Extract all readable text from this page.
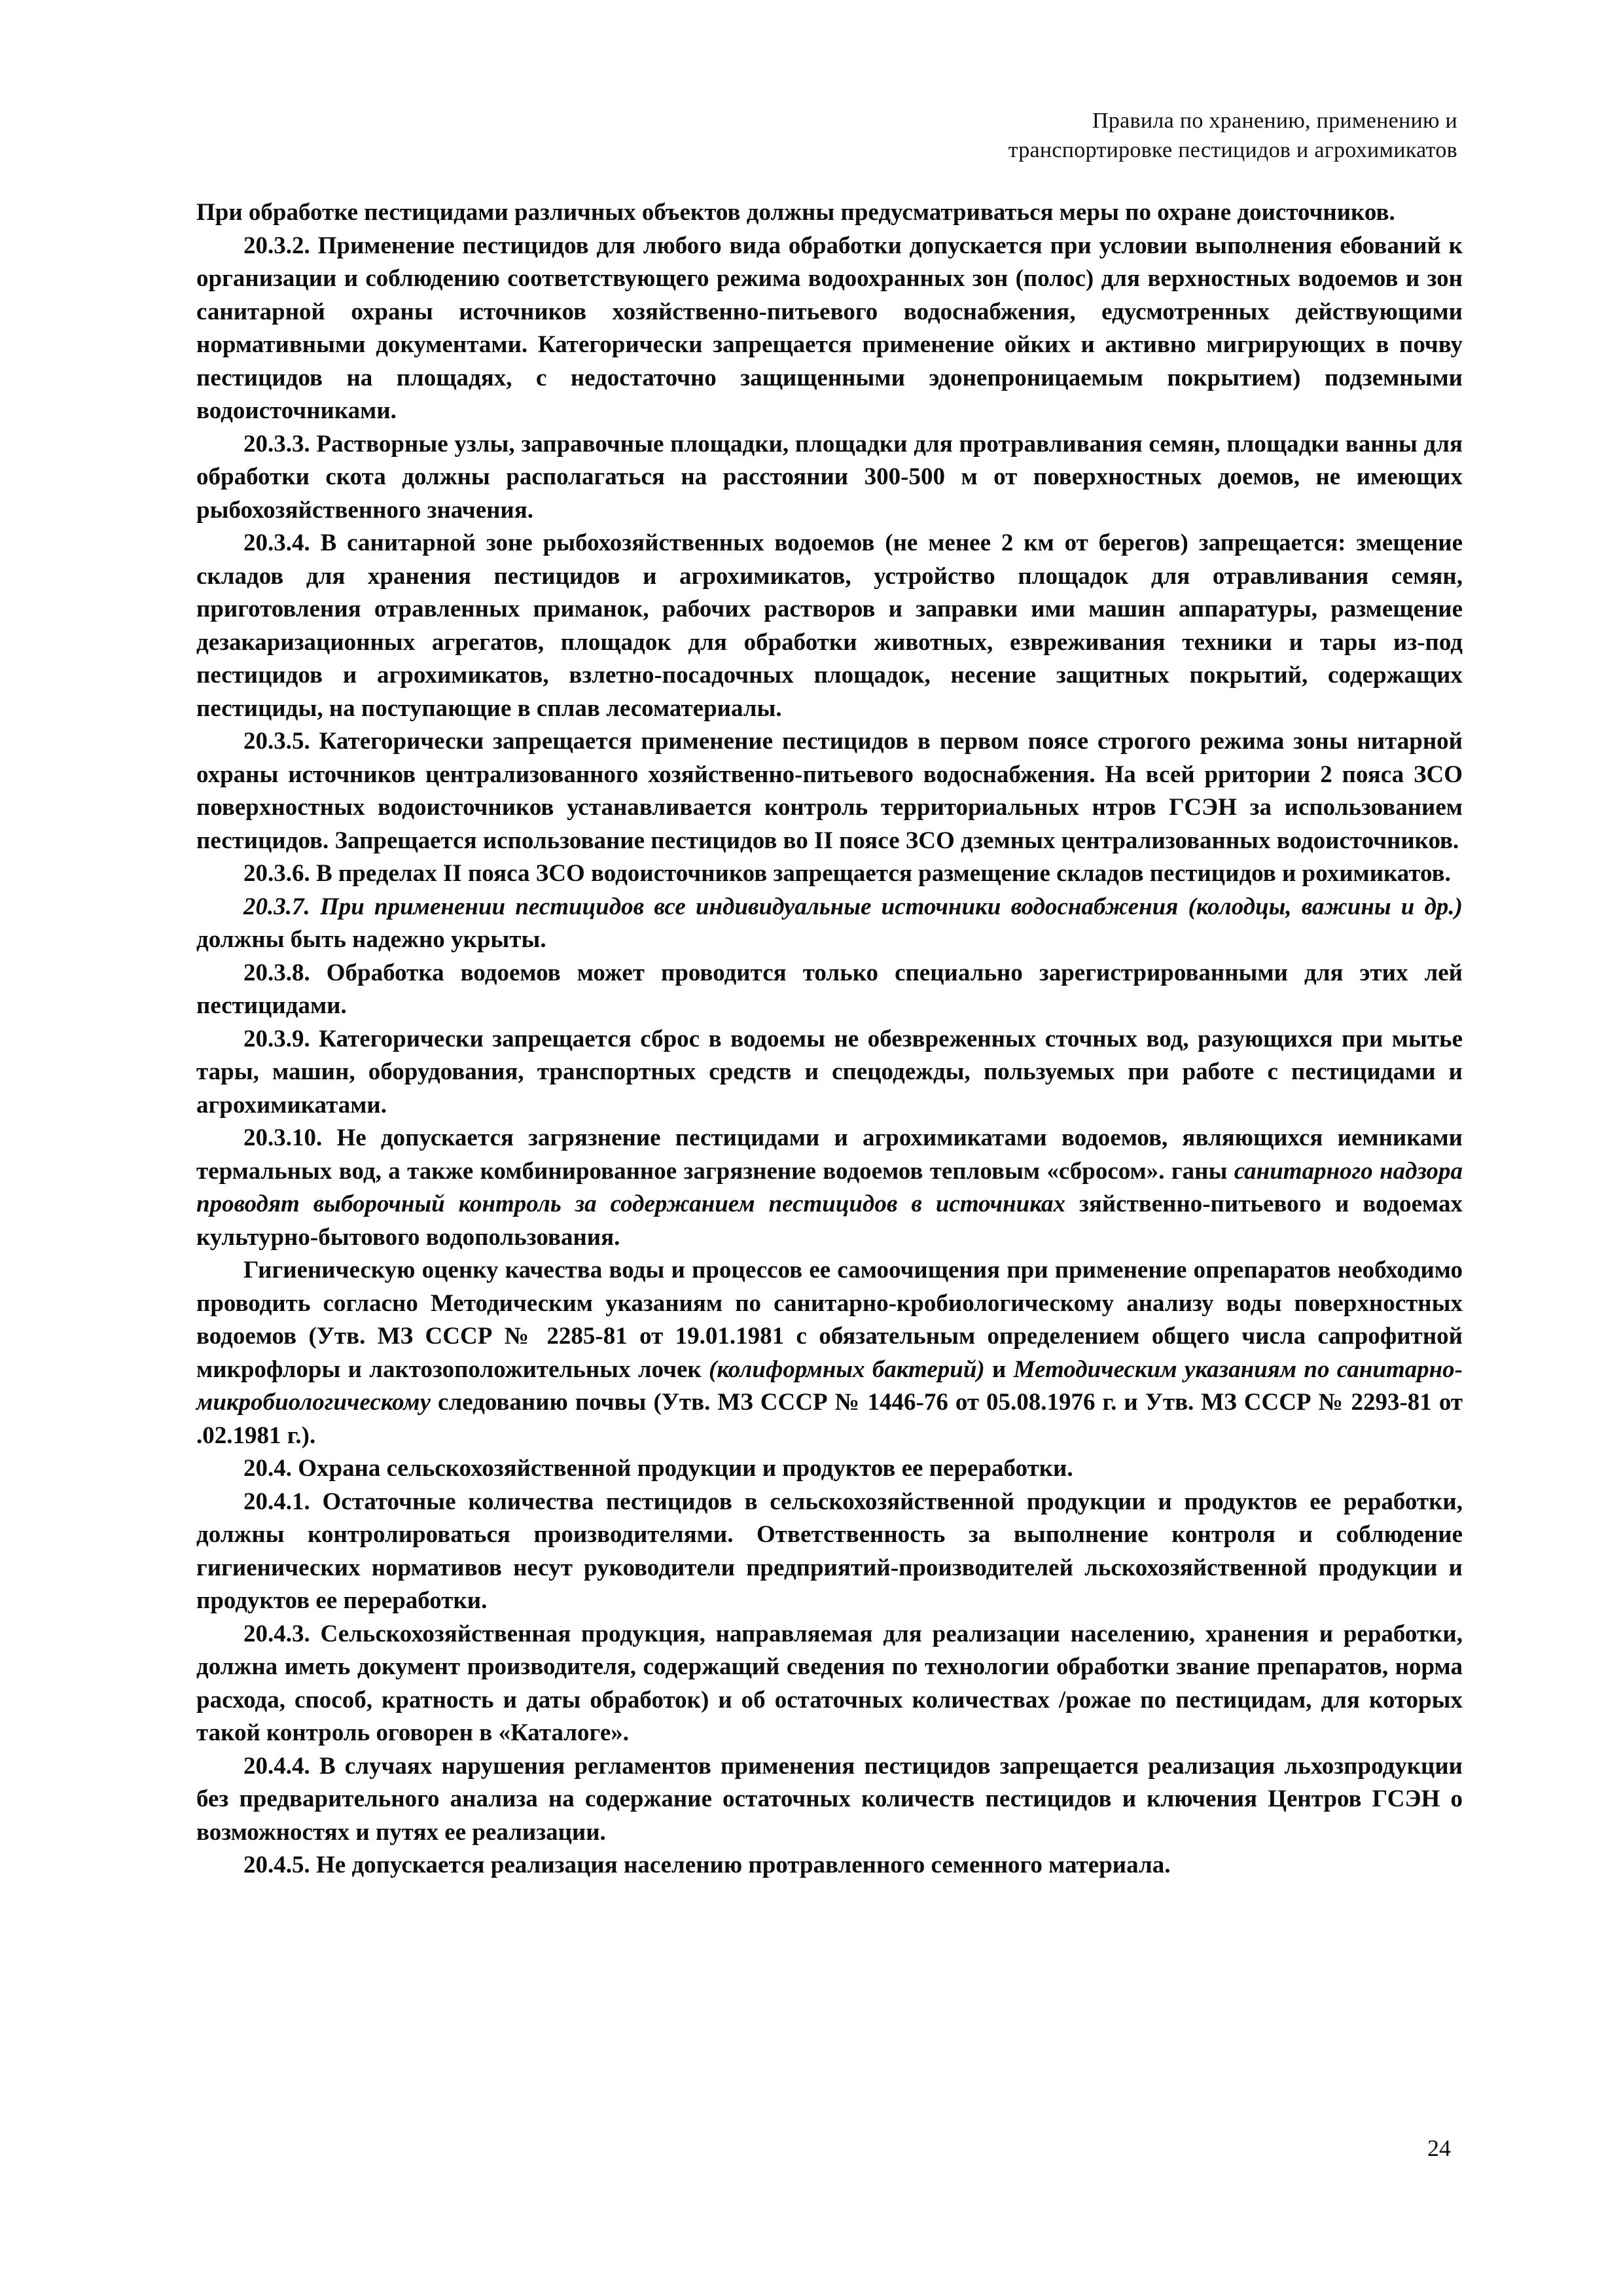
Правила по хранению, применению и
транспортировке пестицидов и агрохимикатов

При обработке пестицидами различных объектов должны предусматриваться меры по охране доисточников.

20.3.2. Применение пестицидов для любого вида обработки допускается при условии выполнения ебований к организации и соблюдению соответствующего режима водоохранных зон (полос) для верхностных водоемов и зон санитарной охраны источников хозяйственно-питьевого водоснабжения, едусмотренных действующими нормативными документами. Категорически запрещается применение ойких и активно мигрирующих в почву пестицидов на площадях, с недостаточно защищенными эдонепроницаемым покрытием) подземными водоисточниками.

20.3.3. Растворные узлы, заправочные площадки, площадки для протравливания семян, площадки ванны для обработки скота должны располагаться на расстоянии 300-500 м от поверхностных доемов, не имеющих рыбохозяйственного значения.

20.3.4. В санитарной зоне рыбохозяйственных водоемов (не менее 2 км от берегов) запрещается: змещение складов для хранения пестицидов и агрохимикатов, устройство площадок для отравливания семян, приготовления отравленных приманок, рабочих растворов и заправки ими машин аппаратуры, размещение дезакаризационных агрегатов, площадок для обработки животных, езвреживания техники и тары из-под пестицидов и агрохимикатов, взлетно-посадочных площадок, несение защитных покрытий, содержащих пестициды, на поступающие в сплав лесоматериалы.

20.3.5. Категорически запрещается применение пестицидов в первом поясе строгого режима зоны нитарной охраны источников централизованного хозяйственно-питьевого водоснабжения. На всей рритории 2 пояса ЗСО поверхностных водоисточников устанавливается контроль территориальных нтров ГСЭН за использованием пестицидов. Запрещается использование пестицидов во II поясе ЗСО дземных централизованных водоисточников.

20.3.6. В пределах II пояса ЗСО водоисточников запрещается размещение складов пестицидов и рохимикатов.

20.3.7. При применении пестицидов все индивидуальные источники водоснабжения (колодцы, важины и др.) должны быть надежно укрыты.

20.3.8. Обработка водоемов может проводится только специально зарегистрированными для этих лей пестицидами.

20.3.9. Категорически запрещается сброс в водоемы не обезвреженных сточных вод, разующихся при мытье тары, машин, оборудования, транспортных средств и спецодежды, пользуемых при работе с пестицидами и агрохимикатами.

20.3.10. Не допускается загрязнение пестицидами и агрохимикатами водоемов, являющихся иемниками термальных вод, а также комбинированное загрязнение водоемов тепловым «сбросом». ганы санитарного надзора проводят выборочный контроль за содержанием пестицидов в источниках зяйственно-питьевого и водоемах культурно-бытового водопользования.

Гигиеническую оценку качества воды и процессов ее самоочищения при применение опрепаратов необходимо проводить согласно Методическим указаниям по санитарно-кробиологическому анализу воды поверхностных водоемов (Утв. МЗ СССР № 2285-81 от 19.01.1981 с обязательным определением общего числа сапрофитной микрофлоры и лактозоположительных лочек (колиформных бактерий) и Методическим указаниям по санитарно-микробиологическому следованию почвы (Утв. МЗ СССР № 1446-76 от 05.08.1976 г. и Утв. МЗ СССР № 2293-81 от .02.1981 г.).

20.4. Охрана сельскохозяйственной продукции и продуктов ее переработки.

20.4.1. Остаточные количества пестицидов в сельскохозяйственной продукции и продуктов ее реработки, должны контролироваться производителями. Ответственность за выполнение контроля и соблюдение гигиенических нормативов несут руководители предприятий-производителей льскохозяйственной продукции и продуктов ее переработки.

20.4.3. Сельскохозяйственная продукция, направляемая для реализации населению, хранения и реработки, должна иметь документ производителя, содержащий сведения по технологии обработки звание препаратов, норма расхода, способ, кратность и даты обработок) и об остаточных количествах /рожае по пестицидам, для которых такой контроль оговорен в «Каталоге».

20.4.4. В случаях нарушения регламентов применения пестицидов запрещается реализация льхозпродукции без предварительного анализа на содержание остаточных количеств пестицидов и ключения Центров ГСЭН о возможностях и путях ее реализации.

20.4.5. Не допускается реализация населению протравленного семенного материала.

24
